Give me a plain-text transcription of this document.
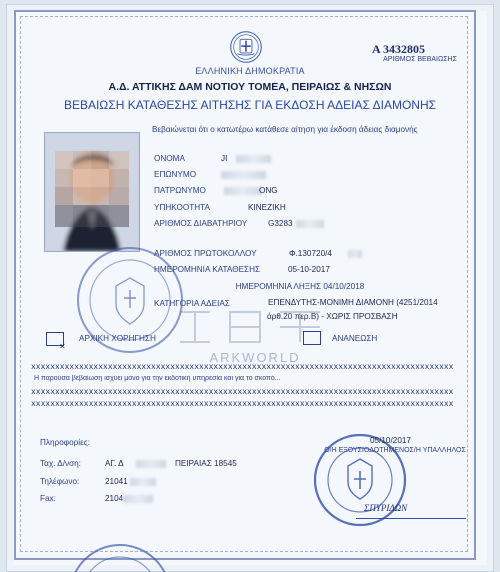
ΕΛΛΗΝΙΚΗ ΔΗΜΟΚΡΑΤΙΑ
Α 3432805
ΑΡΙΘΜΟΣ ΒΕΒΑΙΩΣΗΣ
Α.Δ. ΑΤΤΙΚΗΣ ΔΑΜ ΝΟΤΙΟΥ ΤΟΜΕΑ, ΠΕΙΡΑΙΩΣ & ΝΗΣΩΝ
ΒΕΒΑΙΩΣΗ ΚΑΤΑΘΕΣΗΣ ΑΙΤΗΣΗΣ ΓΙΑ ΕΚΔΟΣΗ ΑΔΕΙΑΣ ΔΙΑΜΟΝΗΣ
Βεβαιώνεται ότι ο κατωτέρω κατάθεσε αίτηση για έκδοση άδειας διαμονής
ΟΝΟΜΑ	JI
ΕΠΩΝΥΜΟ
ΠΑΤΡΩΝΥΜΟ	ONG
ΥΠΗΚΟΟΤΗΤΑ	ΚΙΝΕΖΙΚΗ
ΑΡΙΘΜΟΣ ΔΙΑΒΑΤΗΡΙΟΥ	G3283
ΑΡΙΘΜΟΣ ΠΡΩΤΟΚΟΛΛΟΥ	Φ.130720/4
ΗΜΕΡΟΜΗΝΙΑ ΚΑΤΑΘΕΣΗΣ	05-10-2017
ΗΜΕΡΟΜΗΝΙΑ ΛΗΞΗΣ 04/10/2018
ΚΑΤΗΓΟΡΙΑ ΑΔΕΙΑΣ	ΕΠΕΝΔΥΤΗΣ-ΜΟΝΙΜΗ ΔΙΑΜΟΝΗ (4251/2014
άρθ.20 περ.Β) - ΧΩΡΙΣ ΠΡΟΣΒΑΣΗ
✕
ΑΡΧΙΚΗ ΧΟΡΗΓΗΣΗ	ΑΝΑΝΕΩΣΗ
ARKWORLD
xxxxxxxxxxxxxxxxxxxxxxxxxxxxxxxxxxxxxxxxxxxxxxxxxxxxxxxxxxxxxxxxxxxxxxxxxxxxxxxxxxxxxxxx
Η παρούσα βεβαίωση ισχύει μόνο για την εκδοτική υπηρεσία και για το σκοπό...
xxxxxxxxxxxxxxxxxxxxxxxxxxxxxxxxxxxxxxxxxxxxxxxxxxxxxxxxxxxxxxxxxxxxxxxxxxxxxxxxxxxxxxxx
xxxxxxxxxxxxxxxxxxxxxxxxxxxxxxxxxxxxxxxxxxxxxxxxxxxxxxxxxxxxxxxxxxxxxxxxxxxxxxxxxxxxxxxx
Πληροφορίες:
Ταχ. Δ/νση:	ΑΓ. Δ	ΠΕΙΡΑΙΑΣ 18545
Τηλέφωνο:	21041
Fax:	2104
05/10/2017
Ο/Η ΕΞΟΥΣΙΟΔΟΤΗΜΕΝΟΣ/Η ΥΠΑΛΛΗΛΟΣ
ΣΠΥΡΙΔΩΝ
